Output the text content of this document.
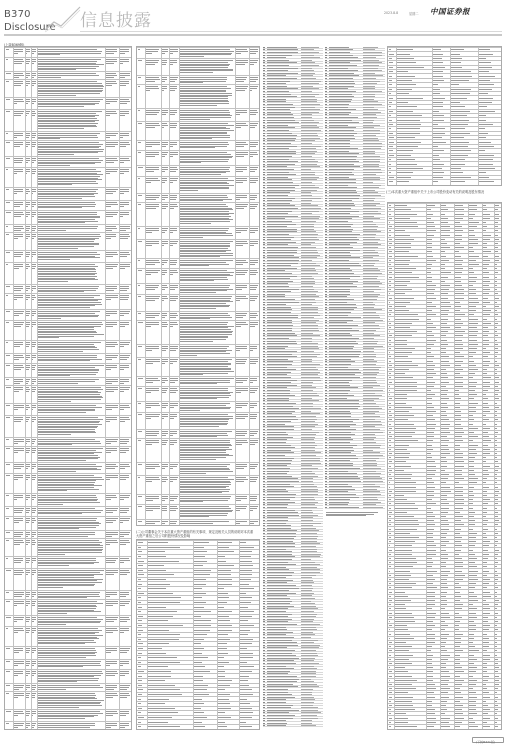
B370
Disclosure 信息披露	2023.8.8	星期二 中国证券报
(上接B369版)
(二)公司董事会关于本次重大资产重组的有关事项、规定及相关人员的说明对本次重大资产重组之后公司的股份情况及影响
(三)本次重大资产重组中关于上市公司股份变动有关的说明及股东情况
(下转B371版)
